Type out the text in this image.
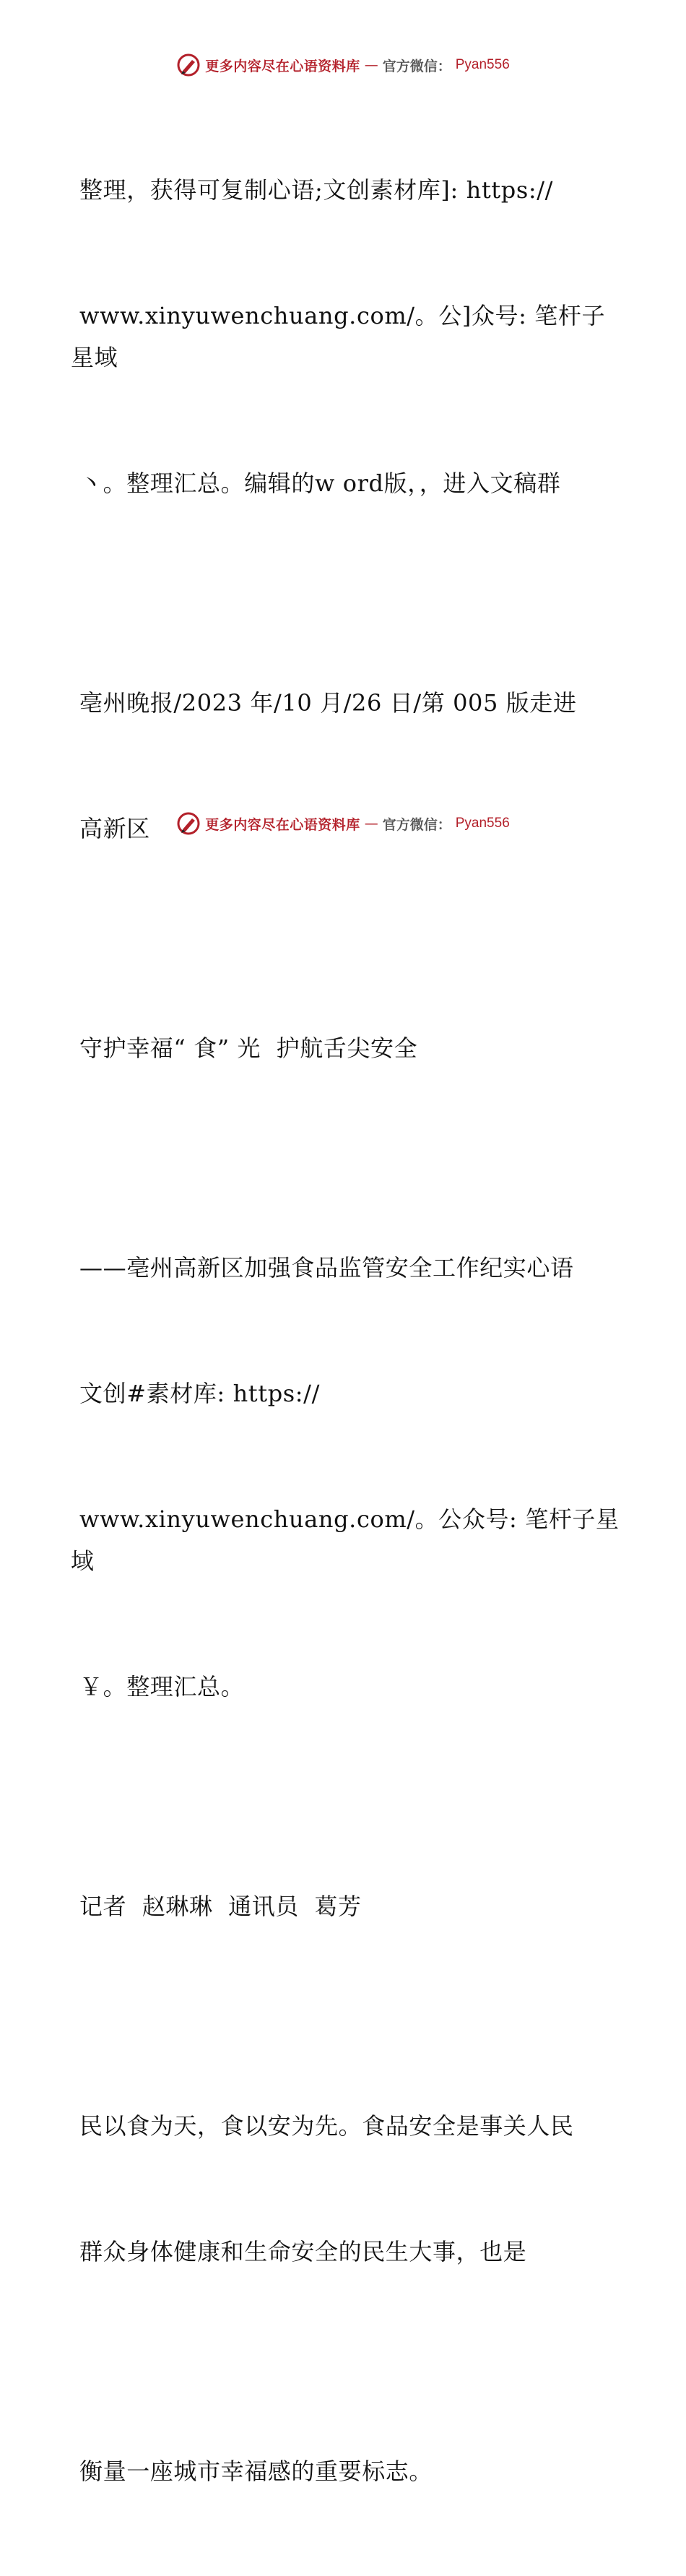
更多内容尽在心语资料库 — 官方微信： Pyan556

整理，获得可复制心语;文创素材库]: https://

www.xinyuwenchuang.com/。公]众号: 笔杆子星域

丶。整理汇总。编辑的w ord版，，进入文稿群

亳州晚报/2023 年/10 月/26 日/第 005 版走进

高新区

守护幸福“ 食” 光  护航舌尖安全

——亳州高新区加强食品监管安全工作纪实心语

文创#素材库: https://

www.xinyuwenchuang.com/。公众号: 笔杆子星域

￥。整理汇总。

记者  赵琳琳  通讯员  葛芳

民以食为天，食以安为先。食品安全是事关人民

群众身体健康和生命安全的民生大事，也是

衡量一座城市幸福感的重要标志。

更多内容尽在心语资料库 — 官方微信： Pyan556
